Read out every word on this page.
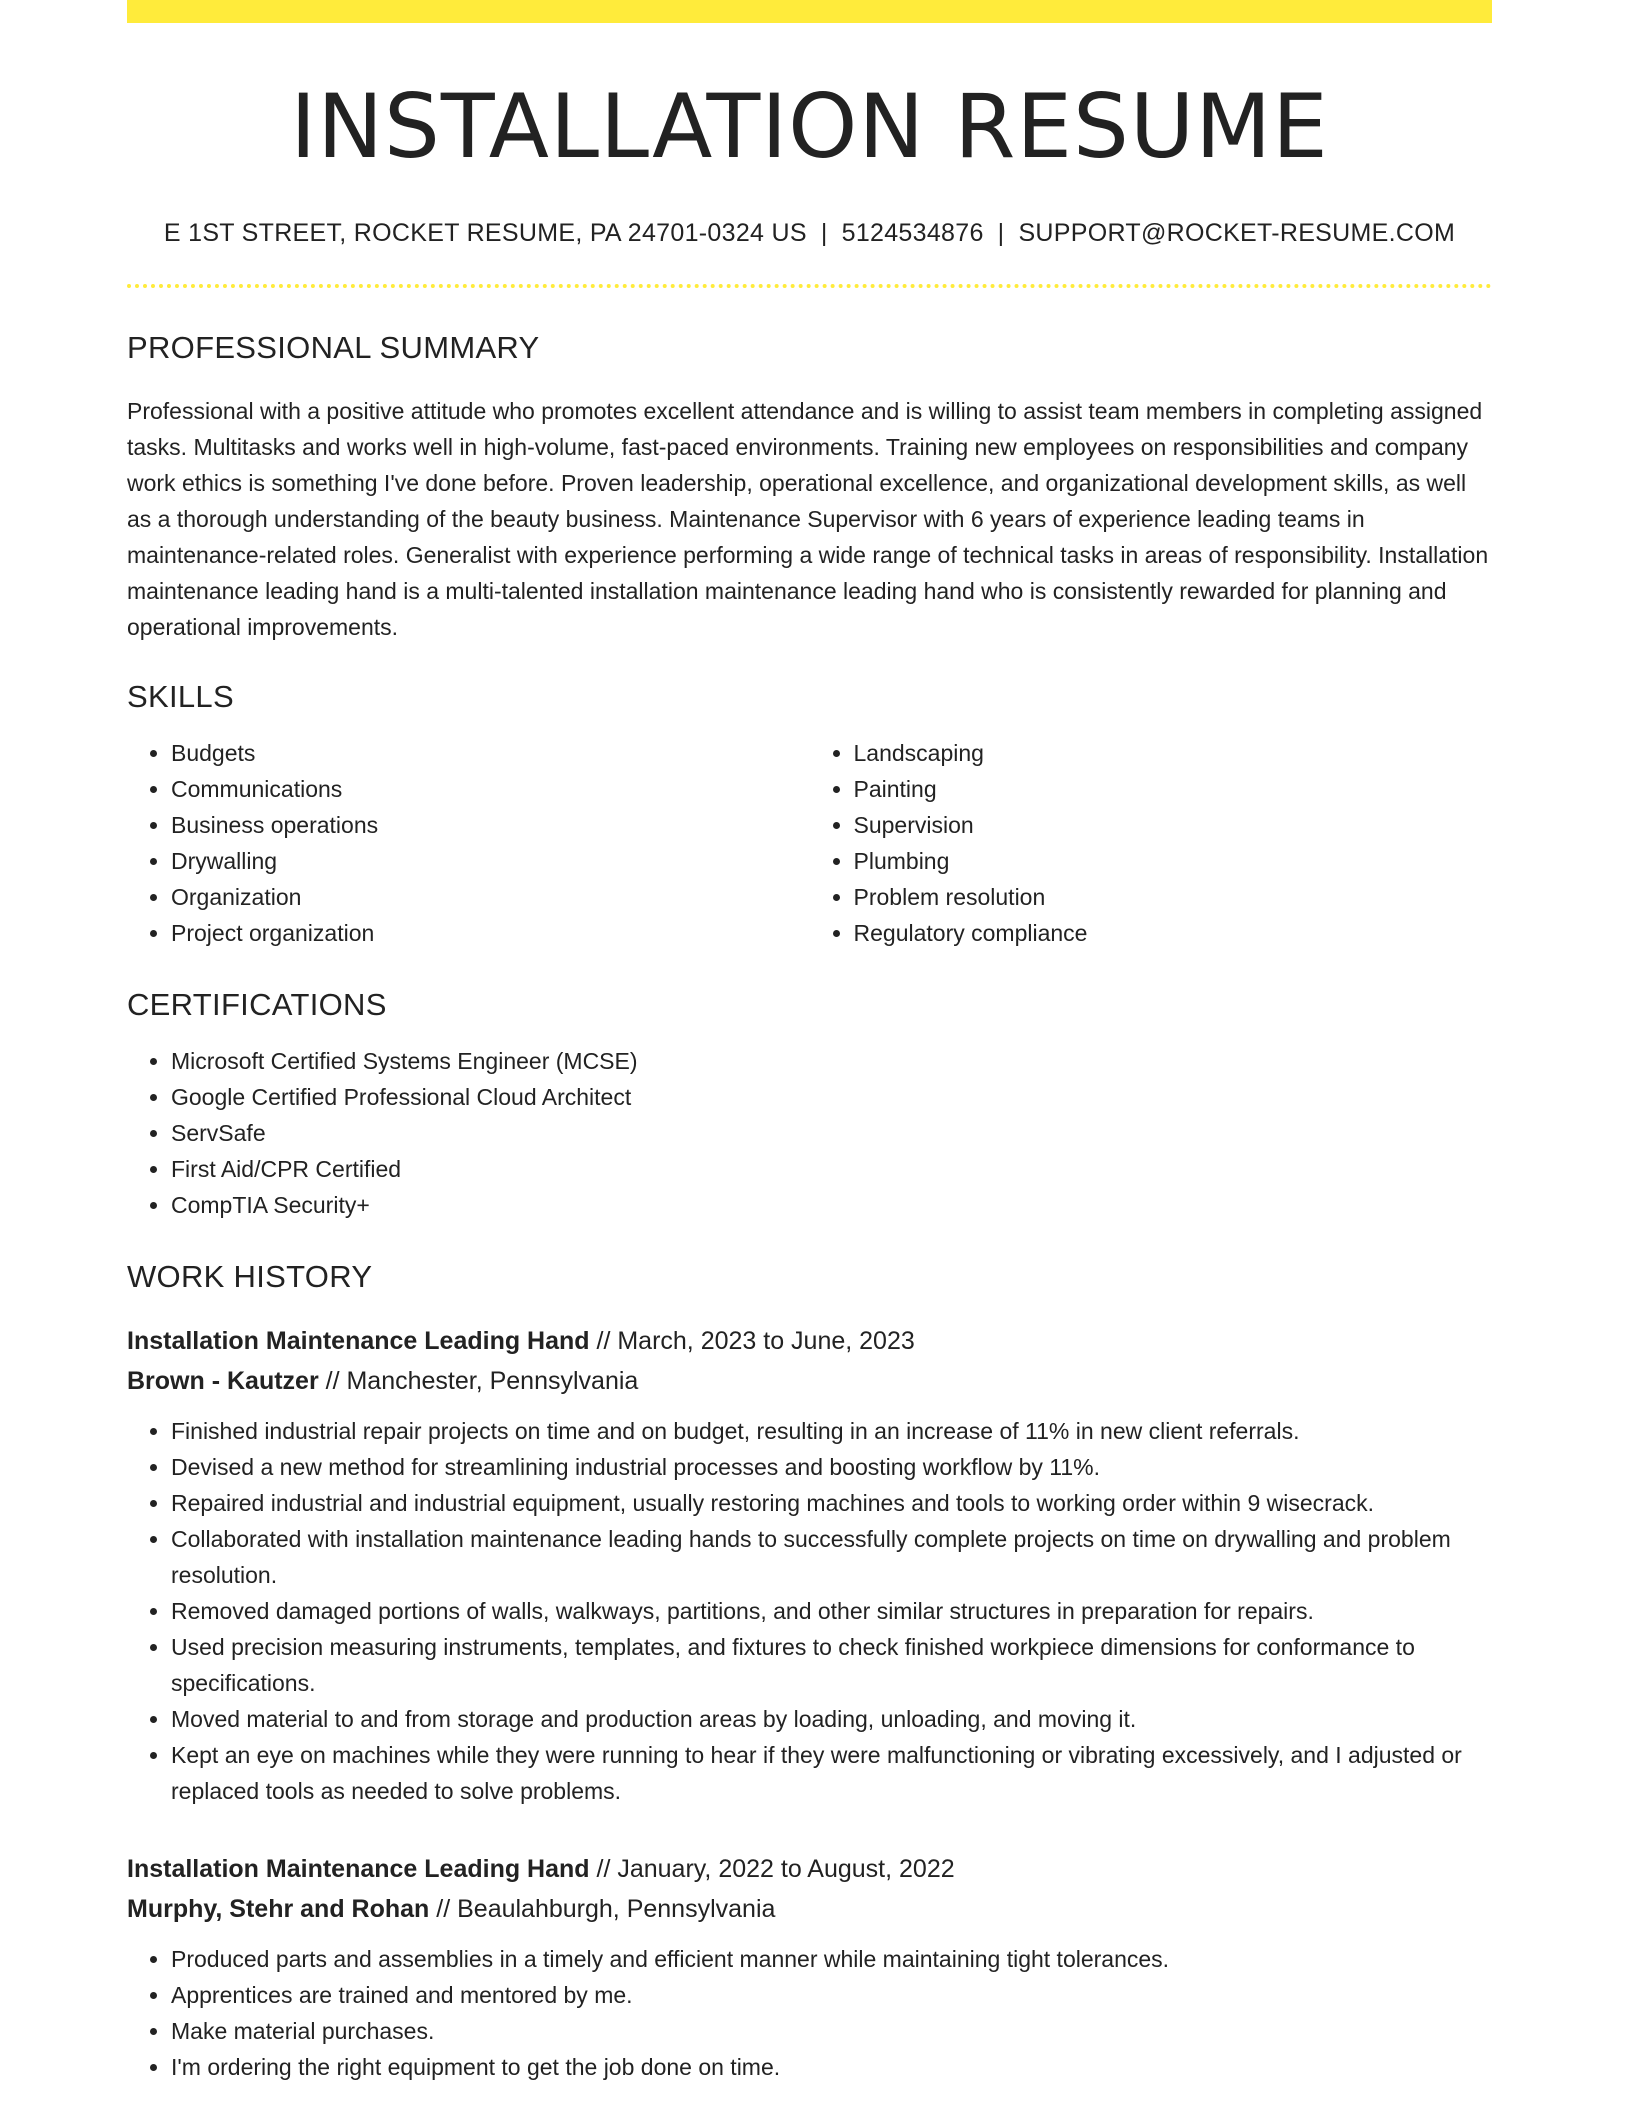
INSTALLATION RESUME
E 1ST STREET, ROCKET RESUME, PA 24701-0324 US | 5124534876 | SUPPORT@ROCKET-RESUME.COM
PROFESSIONAL SUMMARY
Professional with a positive attitude who promotes excellent attendance and is willing to assist team members in completing assigned tasks. Multitasks and works well in high-volume, fast-paced environments. Training new employees on responsibilities and company work ethics is something I've done before. Proven leadership, operational excellence, and organizational development skills, as well as a thorough understanding of the beauty business. Maintenance Supervisor with 6 years of experience leading teams in maintenance-related roles. Generalist with experience performing a wide range of technical tasks in areas of responsibility. Installation maintenance leading hand is a multi-talented installation maintenance leading hand who is consistently rewarded for planning and operational improvements.
SKILLS
• Budgets
• Communications
• Business operations
• Drywalling
• Organization
• Project organization
• Landscaping
• Painting
• Supervision
• Plumbing
• Problem resolution
• Regulatory compliance
CERTIFICATIONS
• Microsoft Certified Systems Engineer (MCSE)
• Google Certified Professional Cloud Architect
• ServSafe
• First Aid/CPR Certified
• CompTIA Security+
WORK HISTORY
Installation Maintenance Leading Hand // March, 2023 to June, 2023
Brown - Kautzer // Manchester, Pennsylvania
• Finished industrial repair projects on time and on budget, resulting in an increase of 11% in new client referrals.
• Devised a new method for streamlining industrial processes and boosting workflow by 11%.
• Repaired industrial and industrial equipment, usually restoring machines and tools to working order within 9 wisecrack.
• Collaborated with installation maintenance leading hands to successfully complete projects on time on drywalling and problem resolution.
• Removed damaged portions of walls, walkways, partitions, and other similar structures in preparation for repairs.
• Used precision measuring instruments, templates, and fixtures to check finished workpiece dimensions for conformance to specifications.
• Moved material to and from storage and production areas by loading, unloading, and moving it.
• Kept an eye on machines while they were running to hear if they were malfunctioning or vibrating excessively, and I adjusted or replaced tools as needed to solve problems.
Installation Maintenance Leading Hand // January, 2022 to August, 2022
Murphy, Stehr and Rohan // Beaulahburgh, Pennsylvania
• Produced parts and assemblies in a timely and efficient manner while maintaining tight tolerances.
• Apprentices are trained and mentored by me.
• Make material purchases.
• I'm ordering the right equipment to get the job done on time.
